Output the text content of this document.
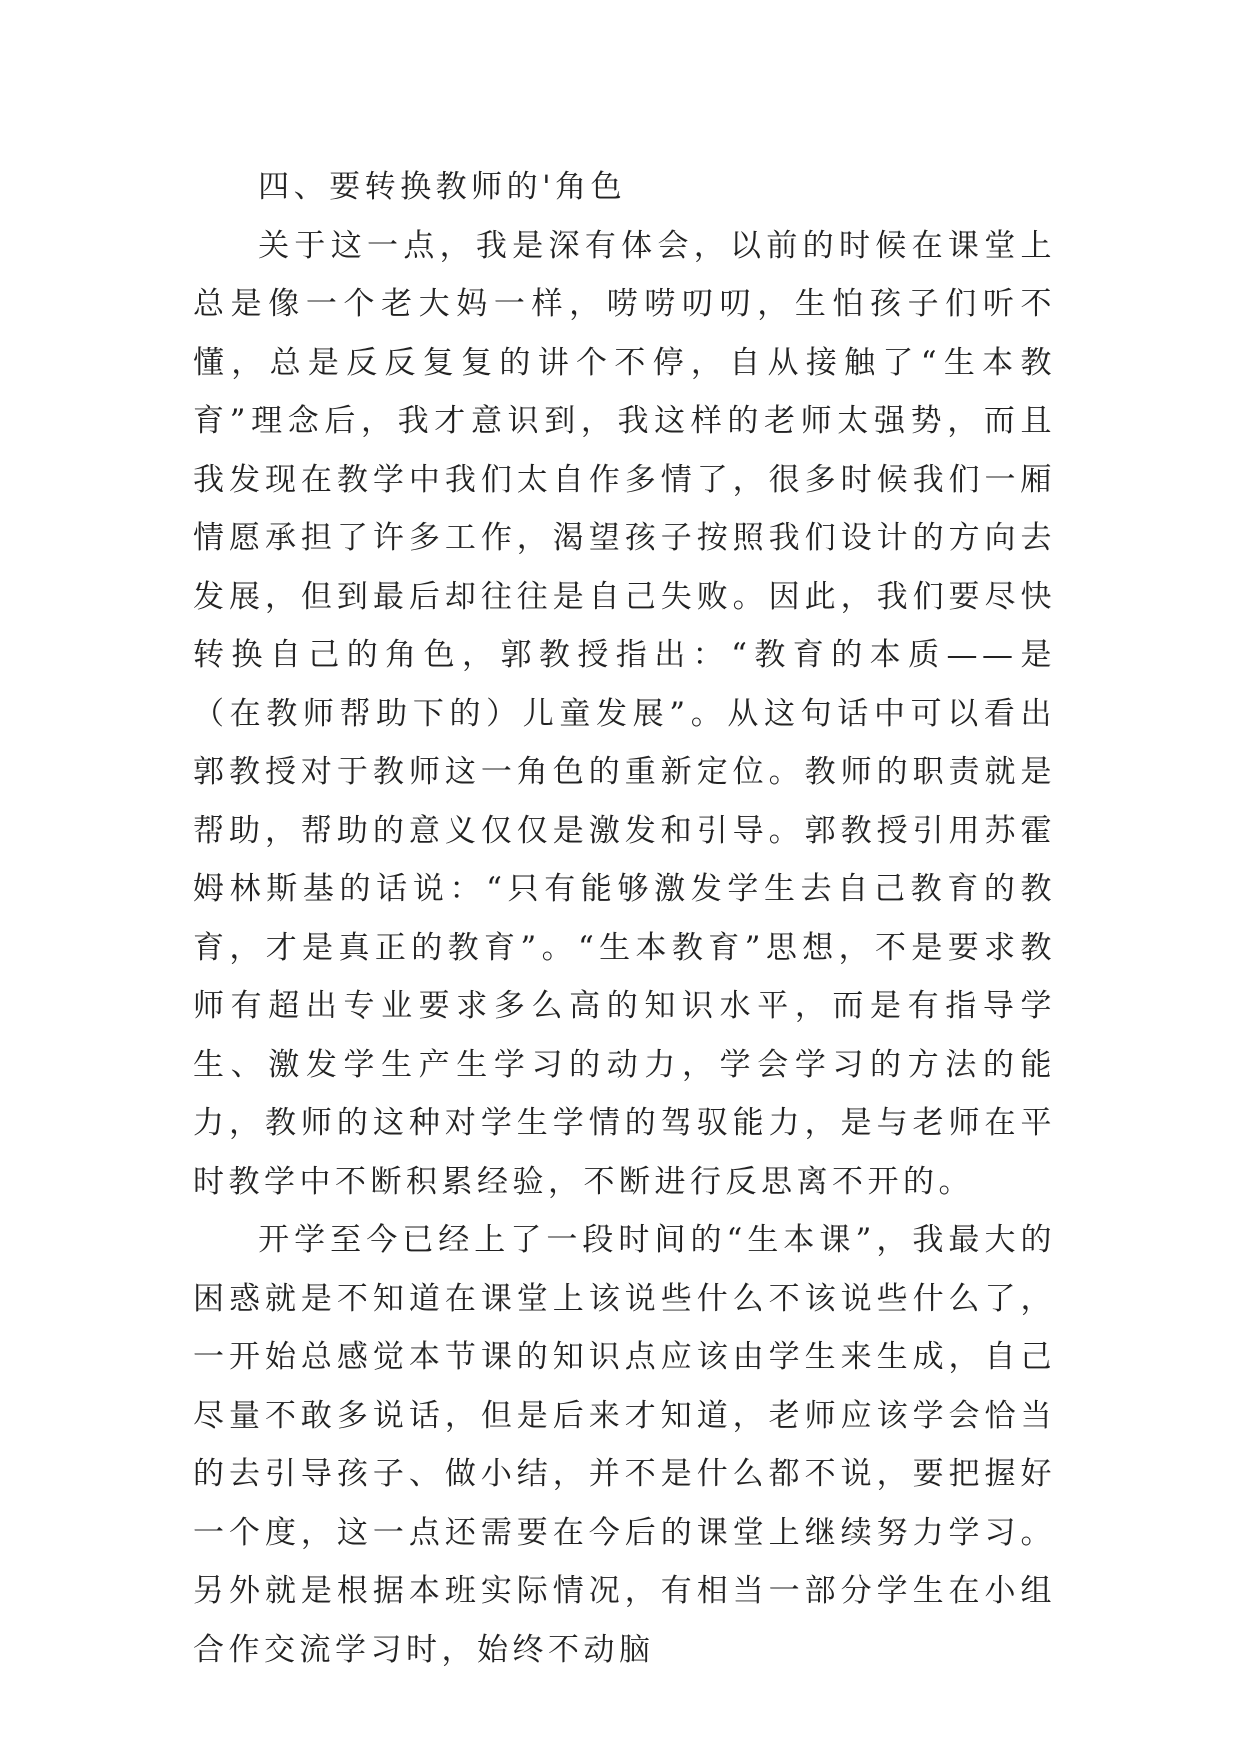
四、要转换教师的'角色

关于这一点，我是深有体会，以前的时候在课堂上总是像一个老大妈一样，唠唠叨叨，生怕孩子们听不懂，总是反反复复的讲个不停，自从接触了“生本教育”理念后，我才意识到，我这样的老师太强势，而且我发现在教学中我们太自作多情了，很多时候我们一厢情愿承担了许多工作，渴望孩子按照我们设计的方向去发展，但到最后却往往是自己失败。因此，我们要尽快转换自己的角色，郭教授指出：“教育的本质——是（在教师帮助下的）儿童发展”。从这句话中可以看出郭教授对于教师这一角色的重新定位。教师的职责就是帮助，帮助的意义仅仅是激发和引导。郭教授引用苏霍姆林斯基的话说：“只有能够激发学生去自己教育的教育，才是真正的教育”。“生本教育”思想，不是要求教师有超出专业要求多么高的知识水平，而是有指导学生、激发学生产生学习的动力，学会学习的方法的能力，教师的这种对学生学情的驾驭能力，是与老师在平时教学中不断积累经验，不断进行反思离不开的。

开学至今已经上了一段时间的“生本课”，我最大的困惑就是不知道在课堂上该说些什么不该说些什么了，一开始总感觉本节课的知识点应该由学生来生成，自己尽量不敢多说话，但是后来才知道，老师应该学会恰当的去引导孩子、做小结，并不是什么都不说，要把握好一个度，这一点还需要在今后的课堂上继续努力学习。另外就是根据本班实际情况，有相当一部分学生在小组合作交流学习时，始终不动脑
